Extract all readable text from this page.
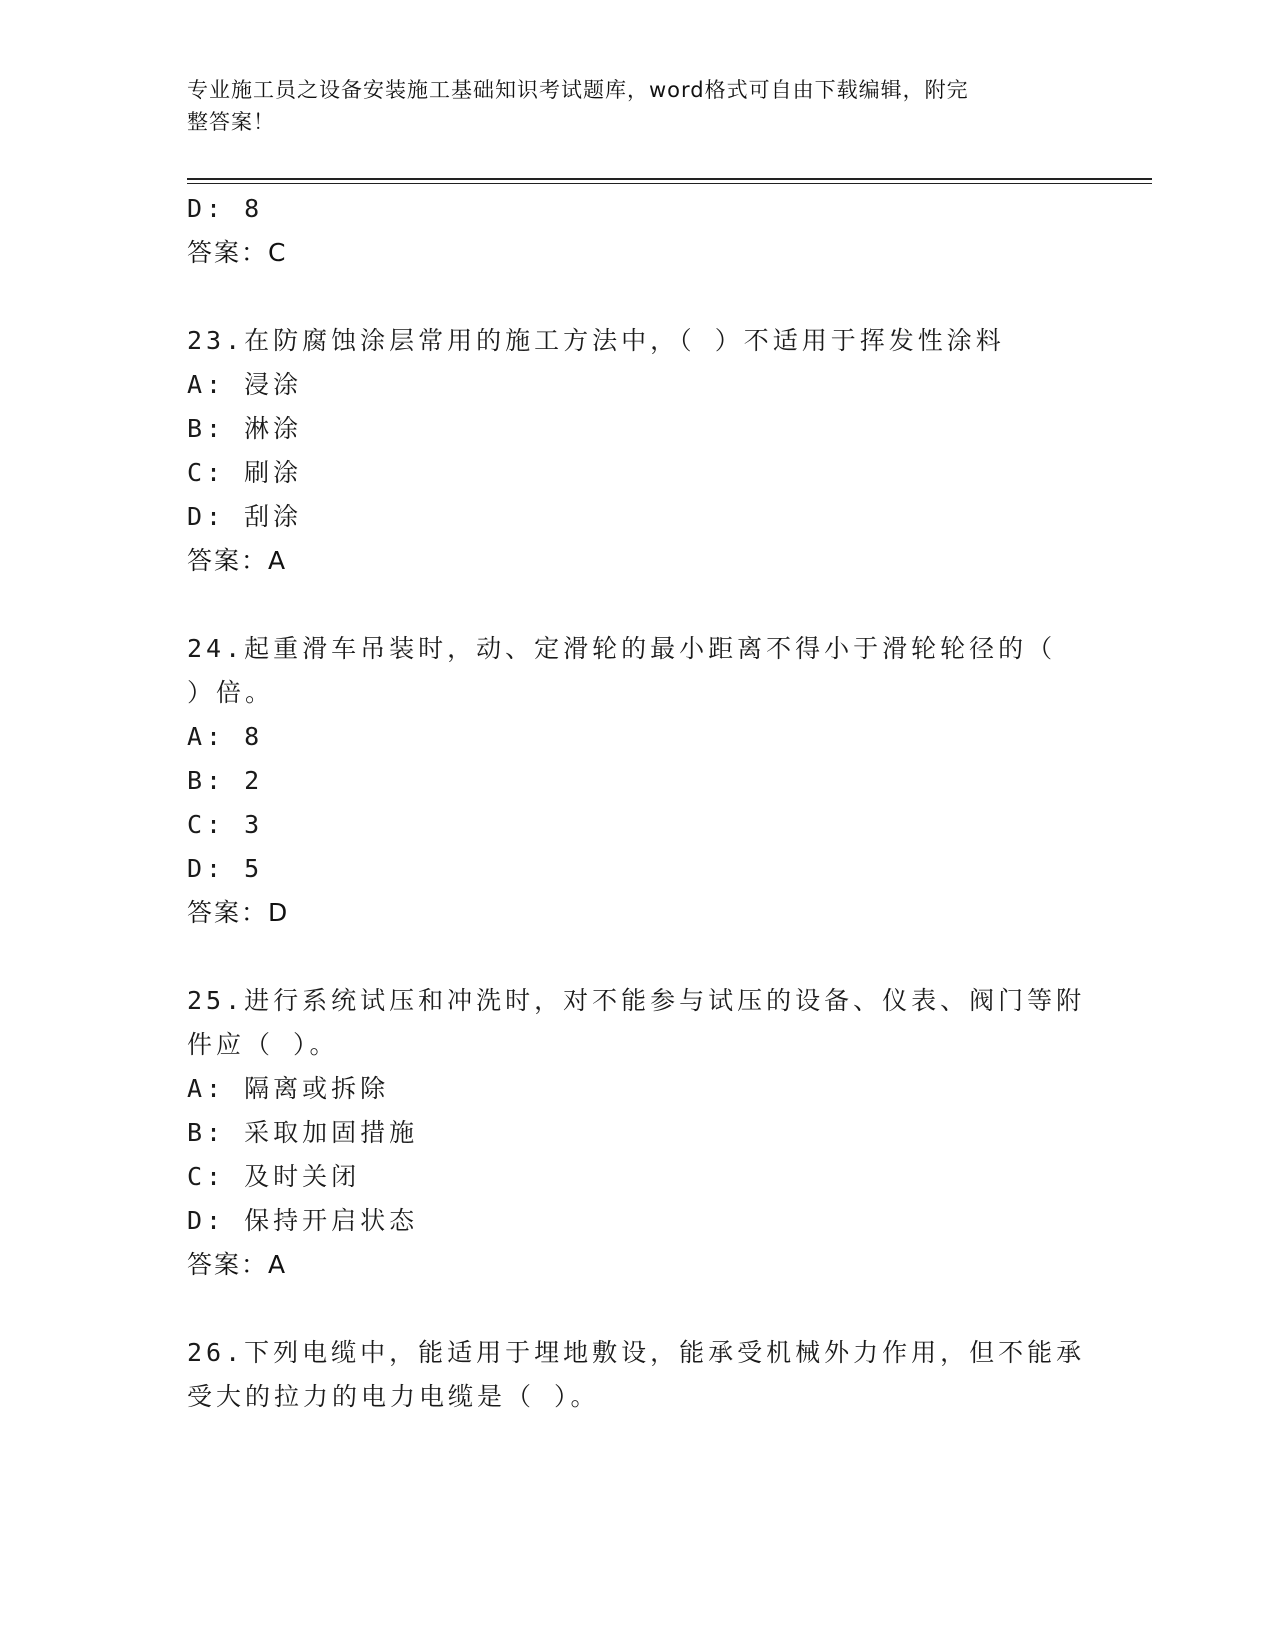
专业施工员之设备安装施工基础知识考试题库，word格式可自由下载编辑，附完
整答案！
D: 8
答案：C
23.在防腐蚀涂层常用的施工方法中，（ ）不适用于挥发性涂料
A: 浸涂
B: 淋涂
C: 刷涂
D: 刮涂
答案：A
24.起重滑车吊装时，动、定滑轮的最小距离不得小于滑轮轮径的（
）倍。
A: 8
B: 2
C: 3
D: 5
答案：D
25.进行系统试压和冲洗时，对不能参与试压的设备、仪表、阀门等附
件应（ ）。
A: 隔离或拆除
B: 采取加固措施
C: 及时关闭
D: 保持开启状态
答案：A
26.下列电缆中，能适用于埋地敷设，能承受机械外力作用，但不能承
受大的拉力的电力电缆是（ ）。
